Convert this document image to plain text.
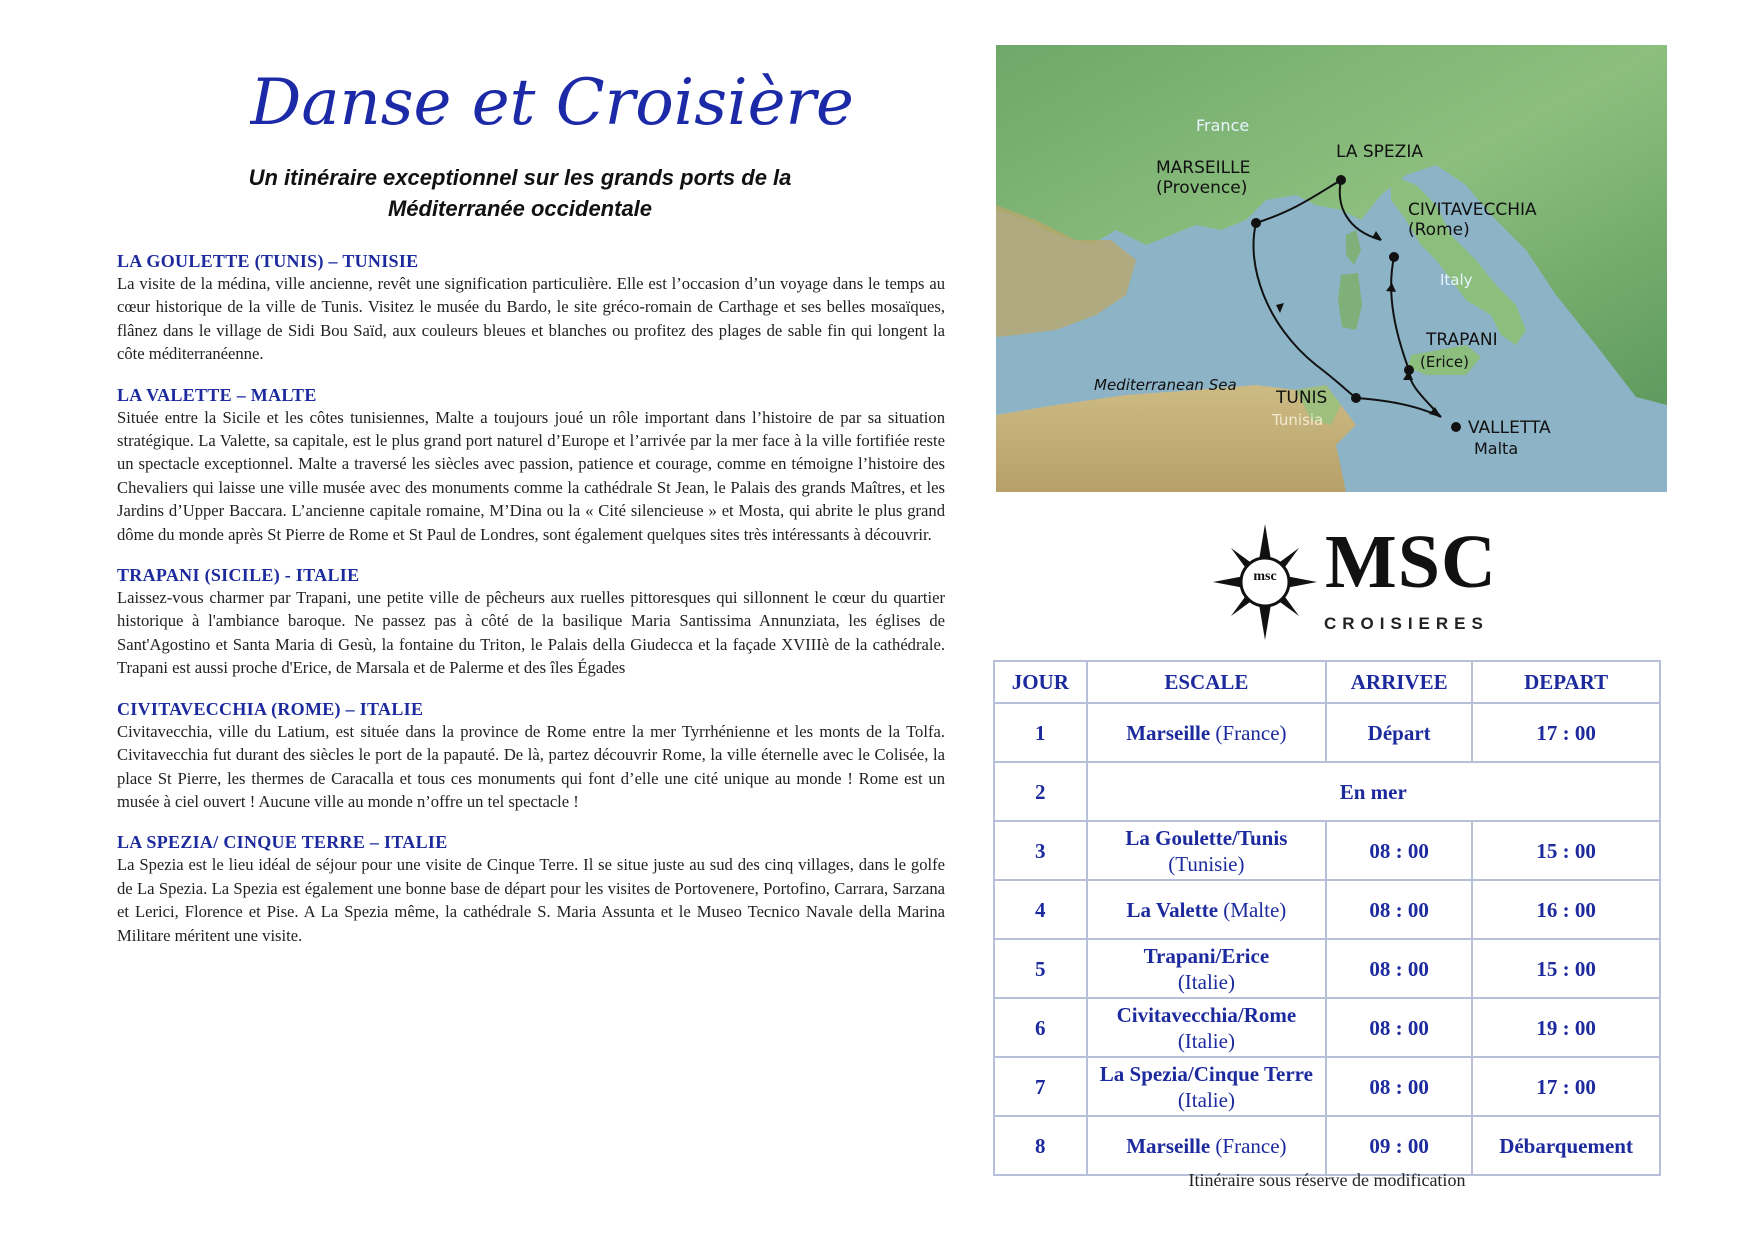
Danse et Croisière
Un itinéraire exceptionnel sur les grands ports de la
Méditerranée occidentale
LA GOULETTE (TUNIS) – TUNISIE

La visite de la médina, ville ancienne, revêt une signification particulière. Elle est l’occasion d’un voyage dans le temps au cœur historique de la ville de Tunis. Visitez le musée du Bardo, le site gréco-romain de Carthage et ses belles mosaïques, flânez dans le village de Sidi Bou Saïd, aux couleurs bleues et blanches ou profitez des plages de sable fin qui longent la côte méditerranéenne.

LA VALETTE – MALTE

Située entre la Sicile et les côtes tunisiennes, Malte a toujours joué un rôle important dans l’histoire de par sa situation stratégique. La Valette, sa capitale, est le plus grand port naturel d’Europe et l’arrivée par la mer face à la ville fortifiée reste un spectacle exceptionnel. Malte a traversé les siècles avec passion, patience et courage, comme en témoigne l’histoire des Chevaliers qui laisse une ville musée avec des monuments comme la cathédrale St Jean, le Palais des grands Maîtres, et les Jardins d’Upper Baccara. L’ancienne capitale romaine, M’Dina ou la « Cité silencieuse » et Mosta, qui abrite le plus grand dôme du monde après St Pierre de Rome et St Paul de Londres, sont également quelques sites très intéressants à découvrir.

TRAPANI (SICILE) - ITALIE

Laissez-vous charmer par Trapani, une petite ville de pêcheurs aux ruelles pittoresques qui sillonnent le cœur du quartier historique à l'ambiance baroque. Ne passez pas à côté de la basilique Maria Santissima Annunziata, les églises de Sant'Agostino et Santa Maria di Gesù, la fontaine du Triton, le Palais della Giudecca et la façade XVIIIè de la cathédrale. Trapani est aussi proche d'Erice, de Marsala et de Palerme et des îles Égades

CIVITAVECCHIA (ROME) – ITALIE

Civitavecchia, ville du Latium, est située dans la province de Rome entre la mer Tyrrhénienne et les monts de la Tolfa. Civitavecchia fut durant des siècles le port de la papauté. De là, partez découvrir Rome, la ville éternelle avec le Colisée, la place St Pierre, les thermes de Caracalla et tous ces monuments qui font d’elle une cité unique au monde ! Rome est un musée à ciel ouvert ! Aucune ville au monde n’offre un tel spectacle !

LA SPEZIA/ CINQUE TERRE – ITALIE

La Spezia est le lieu idéal de séjour pour une visite de Cinque Terre. Il se situe juste au sud des cinq villages, dans le golfe de La Spezia. La Spezia est également une bonne base de départ pour les visites de Portovenere, Portofino, Carrara, Sarzana et Lerici, Florence et Pise. A La Spezia même, la cathédrale S. Maria Assunta et le Museo Tecnico Navale della Marina Militare méritent une visite.

France
MARSEILLE
(Provence)
LA SPEZIA
CIVITAVECCHIA
(Rome)
Italy
TRAPANI
(Erice)
Mediterranean Sea
TUNIS
Tunisia	VALLETTA
Malta
msc MSC
CROISIERES
JOUR	ESCALE	ARRIVEE	DEPART
1	Marseille (France)	Départ	17 : 00
2	En mer		
3	La Goulette/Tunis
(Tunisie)	08 : 00	15 : 00
4	La Valette (Malte)	08 : 00	16 : 00
5	Trapani/Erice
(Italie)	08 : 00	15 : 00
6	Civitavecchia/Rome
(Italie)	08 : 00	19 : 00
7	La Spezia/Cinque Terre (Italie)	08 : 00	17 : 00
8	Marseille (France)	09 : 00	Débarquement
Itinéraire sous réserve de modification
